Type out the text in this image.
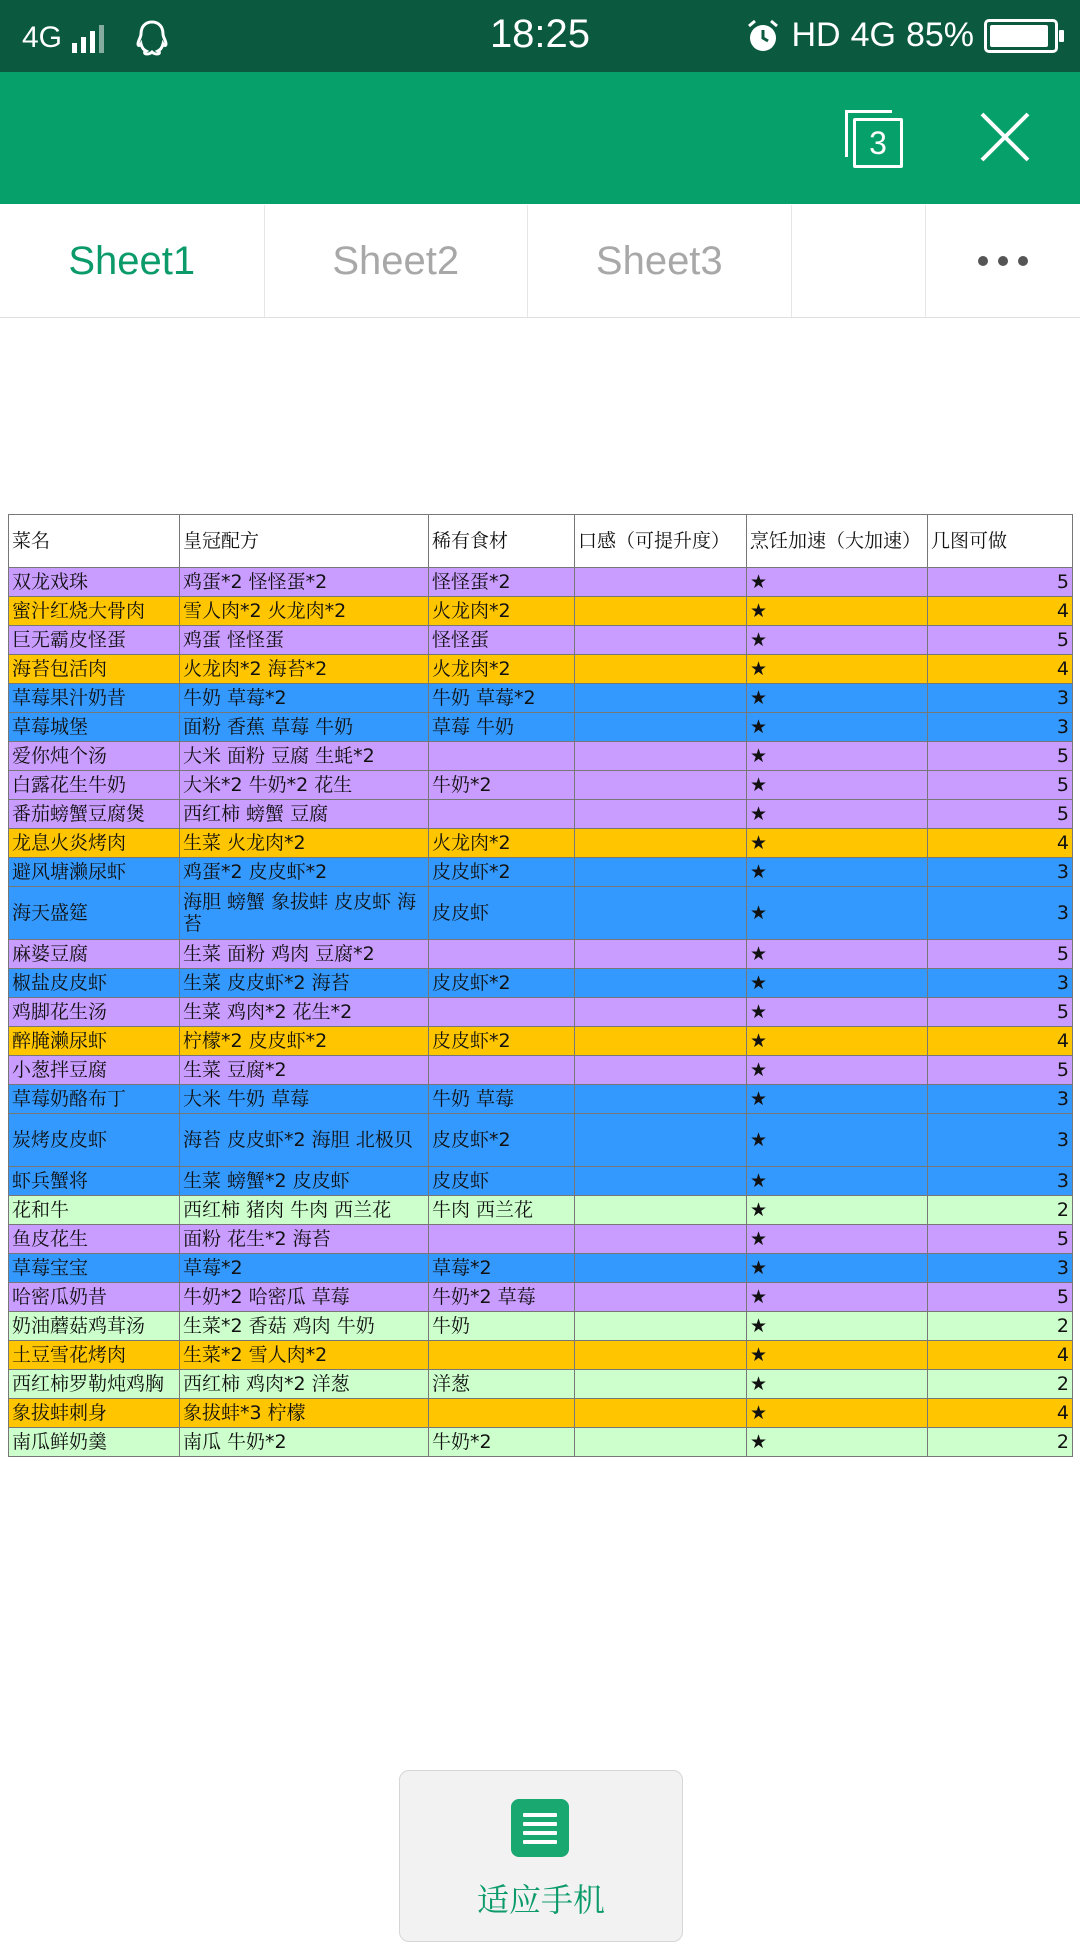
4G	18:25	HD 4G 85%
3
Sheet1	Sheet2	Sheet3
菜名	皇冠配方	稀有食材	口感（可提升度）	烹饪加速（大加速）	几图可做
双龙戏珠	鸡蛋*2 怪怪蛋*2	怪怪蛋*2		★	5
蜜汁红烧大骨肉	雪人肉*2 火龙肉*2	火龙肉*2		★	4
巨无霸皮怪蛋	鸡蛋 怪怪蛋	怪怪蛋		★	5
海苔包活肉	火龙肉*2 海苔*2	火龙肉*2		★	4
草莓果汁奶昔	牛奶 草莓*2	牛奶 草莓*2		★	3
草莓城堡	面粉 香蕉 草莓 牛奶	草莓 牛奶		★	3
爱你炖个汤	大米 面粉 豆腐 生蚝*2			★	5
白露花生牛奶	大米*2 牛奶*2 花生	牛奶*2		★	5
番茄螃蟹豆腐煲	西红柿 螃蟹 豆腐			★	5
龙息火炎烤肉	生菜 火龙肉*2	火龙肉*2		★	4
避风塘濑尿虾	鸡蛋*2 皮皮虾*2	皮皮虾*2		★	3
海天盛筵	海胆 螃蟹 象拔蚌 皮皮虾 海苔	皮皮虾		★	3
麻婆豆腐	生菜 面粉 鸡肉 豆腐*2			★	5
椒盐皮皮虾	生菜 皮皮虾*2 海苔	皮皮虾*2		★	3
鸡脚花生汤	生菜 鸡肉*2 花生*2			★	5
醉腌濑尿虾	柠檬*2 皮皮虾*2	皮皮虾*2		★	4
小葱拌豆腐	生菜 豆腐*2			★	5
草莓奶酪布丁	大米 牛奶 草莓	牛奶 草莓		★	3
炭烤皮皮虾	海苔 皮皮虾*2 海胆 北极贝	皮皮虾*2		★	3
虾兵蟹将	生菜 螃蟹*2 皮皮虾	皮皮虾		★	3
花和牛	西红柿 猪肉 牛肉 西兰花	牛肉 西兰花		★	2
鱼皮花生	面粉 花生*2 海苔			★	5
草莓宝宝	草莓*2	草莓*2		★	3
哈密瓜奶昔	牛奶*2 哈密瓜 草莓	牛奶*2 草莓		★	5
奶油蘑菇鸡茸汤	生菜*2 香菇 鸡肉 牛奶	牛奶		★	2
土豆雪花烤肉	生菜*2 雪人肉*2			★	4
西红柿罗勒炖鸡胸	西红柿 鸡肉*2 洋葱	洋葱		★	2
象拔蚌刺身	象拔蚌*3 柠檬			★	4
南瓜鲜奶羹	南瓜 牛奶*2	牛奶*2		★	2
适应手机
